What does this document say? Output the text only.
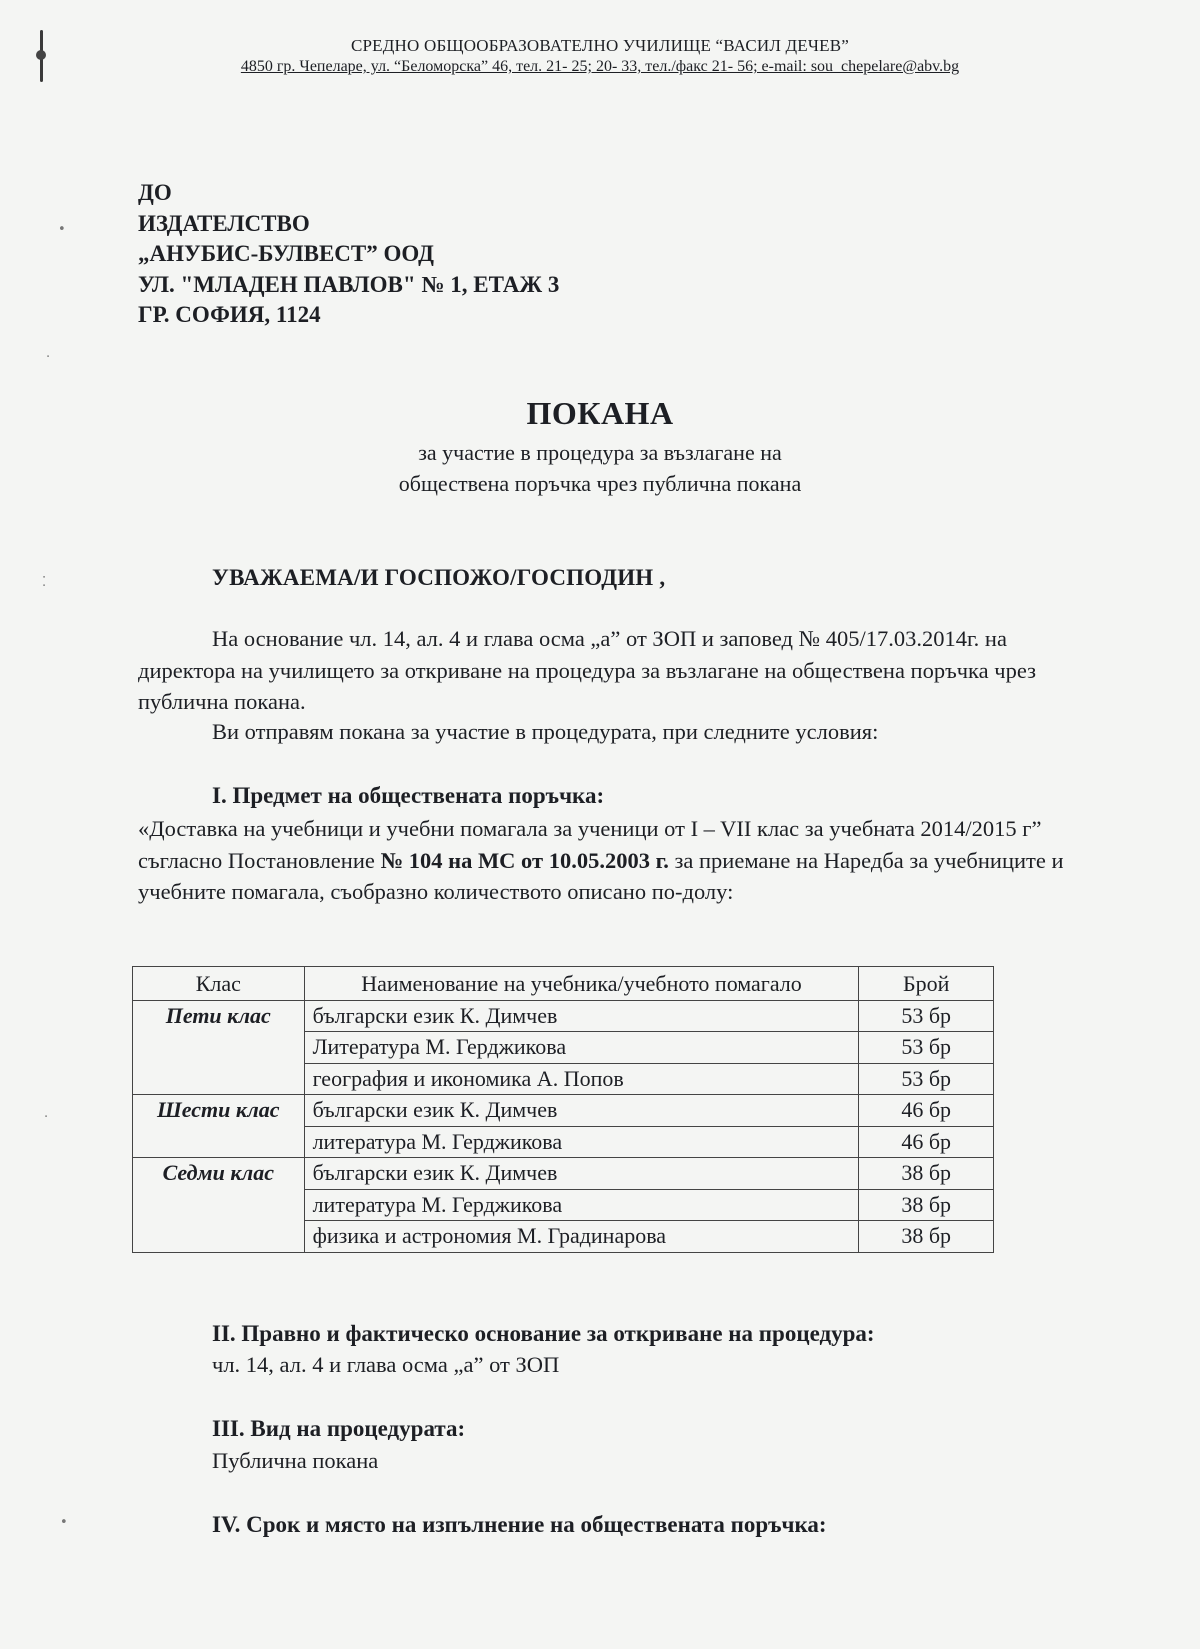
•
·
⁚
·
•
СРЕДНО ОБЩООБРАЗОВАТЕЛНО УЧИЛИЩЕ “ВАСИЛ ДЕЧЕВ”
4850 гр. Чепеларе, ул. “Беломорска” 46, тел. 21- 25; 20- 33, тел./факс 21- 56; e-mail: sou_chepelare@abv.bg
ДО
ИЗДАТЕЛСТВО
„АНУБИС-БУЛВЕСТ” ООД
УЛ. "МЛАДЕН ПАВЛОВ" № 1, ЕТАЖ 3
ГР. СОФИЯ, 1124
ПОКАНА
за участие в процедура за възлагане на
обществена поръчка чрез публична покана
УВАЖАЕМА/И ГОСПОЖО/ГОСПОДИН ,
На основание чл. 14, ал. 4 и глава осма „а” от ЗОП и заповед № 405/17.03.2014г. на директора на училището за откриване на процедура за възлагане на обществена поръчка чрез публична покана.
Ви отправям покана за участие в процедурата, при следните условия:
I. Предмет на обществената поръчка:
«Доставка на учебници и учебни помагала за ученици от I – VII клас за учебната 2014/2015 г” съгласно Постановление № 104 на МС от 10.05.2003 г. за приемане на Наредба за учебниците и учебните помагала, съобразно количеството описано по-долу:
Клас	Наименование на учебника/учебното помагало	Брой
Пети клас	български език К. Димчев	53 бр
	Литература М. Герджикова	53 бр
	география и икономика А. Попов	53 бр
Шести клас	български език К. Димчев	46 бр
	литература М. Герджикова	46 бр
Седми клас	български език К. Димчев	38 бр
	литература М. Герджикова	38 бр
	физика и астрономия М. Градинарова	38 бр
II. Правно и фактическо основание за откриване на процедура:
чл. 14, ал. 4 и глава осма „а” от ЗОП
III. Вид на процедурата:
Публична покана
IV. Срок и място на изпълнение на обществената поръчка:
